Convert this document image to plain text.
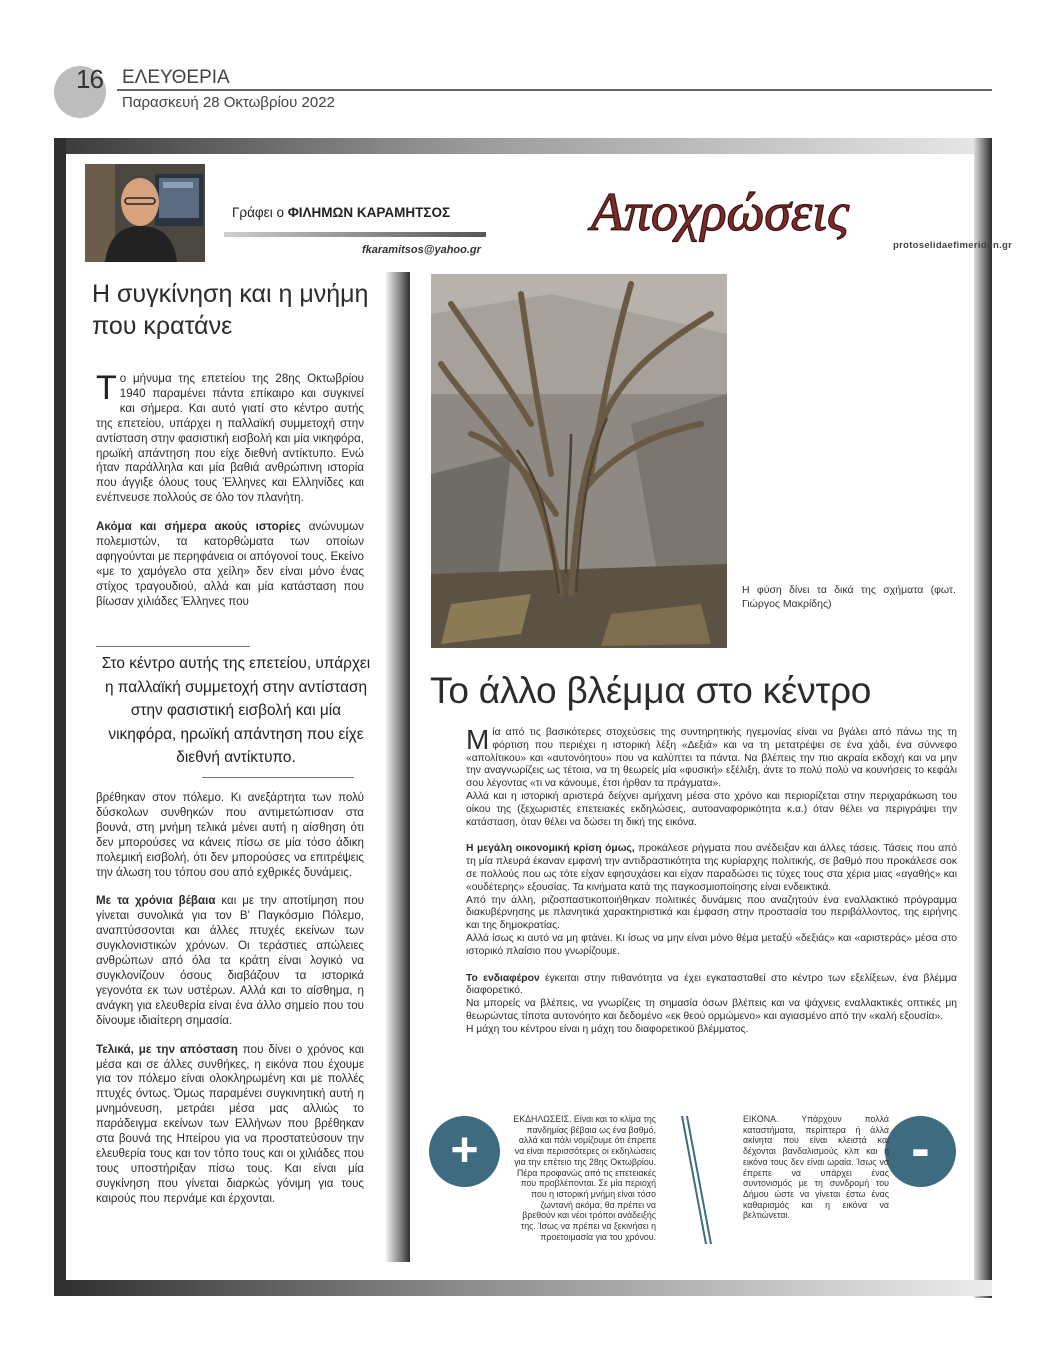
16 ΕΛΕΥΘΕΡΙΑ
Παρασκευή 28 Οκτωβρίου 2022
Γράφει ο ΦΙΛΗΜΩΝ ΚΑΡΑΜΗΤΣΟΣ
fkaramitsos@yahoo.gr
Αποχρώσεις
protoselidaefimeridon.gr
Η συγκίνηση και η μνήμη που κρατάνε

Το μήνυμα της επετείου της 28ης Οκτωβρίου 1940 παραμένει πάντα επίκαιρο και συγκινεί και σήμερα. Και αυτό γιατί στο κέντρο αυτής της επετείου, υπάρχει η παλλαϊκή συμμετοχή στην αντίσταση στην φασιστική εισβολή και μία νικηφόρα, ηρωϊκή απάντηση που είχε διεθνή αντίκτυπο. Ενώ ήταν παράλληλα και μία βαθιά ανθρώπινη ιστορία που άγγιξε όλους τους Έλληνες και Ελληνίδες και ενέπνευσε πολλούς σε όλο τον πλανήτη.

Ακόμα και σήμερα ακούς ιστορίες ανώνυμων πολεμιστών, τα κατορθώματα των οποίων αφηγούνται με περηφάνεια οι απόγονοί τους. Εκείνο «με το χαμόγελο στα χείλη» δεν είναι μόνο ένας στίχος τραγουδιού, αλλά και μία κατάσταση που βίωσαν χιλιάδες Έλληνες που

Στο κέντρο αυτής της επετείου, υπάρχει η παλλαϊκή συμμετοχή στην αντίσταση στην φασιστική εισβολή και μία νικηφόρα, ηρωϊκή απάντηση που είχε διεθνή αντίκτυπο.

βρέθηκαν στον πόλεμο. Κι ανεξάρτητα των πολύ δύσκολων συνθηκών που αντιμετώπισαν στα βουνά, στη μνήμη τελικά μένει αυτή η αίσθηση ότι δεν μπορούσες να κάνεις πίσω σε μία τόσο άδικη πολεμική εισβολή, ότι δεν μπορούσες να επιτρέψεις την άλωση του τόπου σου από εχθρικές δυνάμεις.

Με τα χρόνια βέβαια και με την αποτίμηση που γίνεται συνολικά για τον Β' Παγκόσμιο Πόλεμο, αναπτύσσονται και άλλες πτυχές εκείνων των συγκλονιστικών χρόνων. Οι τεράστιες απώλειες ανθρώπων από όλα τα κράτη είναι λογικό να συγκλονίζουν όσους διαβάζουν τα ιστορικά γεγονότα εκ των υστέρων. Αλλά και το αίσθημα, η ανάγκη για ελευθερία είναι ένα άλλο σημείο που του δίνουμε ιδιαίτερη σημασία.

Τελικά, με την απόσταση που δίνει ο χρόνος και μέσα και σε άλλες συνθήκες, η εικόνα που έχουμε για τον πόλεμο είναι ολοκληρωμένη και με πολλές πτυχές όντως. Όμως παραμένει συγκινητική αυτή η μνημόνευση, μετράει μέσα μας αλλιώς το παράδειγμα εκείνων των Ελλήνων που βρέθηκαν στα βουνά της Ηπείρου για να προστατεύσουν την ελευθερία τους και τον τόπο τους και οι χιλιάδες που τους υποστήριξαν πίσω τους. Και είναι μία συγκίνηση που γίνεται διαρκώς γόνιμη για τους καιρούς που περνάμε και έρχονται.

Η φύση δίνει τα δικά της σχήματα (φωτ. Γιώργος Μακρίδης)
Το άλλο βλέμμα στο κέντρο

Μία από τις βασικότερες στοχεύσεις της συντηρητικής ηγεμονίας είναι να βγάλει από πάνω της τη φόρτιση που περιέχει η ιστορική λέξη «Δεξιά» και να τη μετατρέψει σε ένα χάδι, ένα σύννεφο «απολίτικου» και «αυτονόητου» που να καλύπτει τα πάντα. Να βλέπεις την πιο ακραία εκδοχή και να μην την αναγνωρίζεις ως τέτοια, να τη θεωρείς μία «φυσική» εξέλιξη, άντε το πολύ πολύ να κουνήσεις το κεφάλι σου λέγοντας «τι να κάνουμε, έτσι ήρθαν τα πράγματα».

Αλλά και η ιστορική αριστερά δείχνει αμήχανη μέσα στο χρόνο και περιορίζεται στην περιχαράκωση του οίκου της (ξεχωριστές επετειακές εκδηλώσεις, αυτοαναφορικότητα κ.α.) όταν θέλει να περιγράψει την κατάσταση, όταν θέλει να δώσει τη δική της εικόνα.

Η μεγάλη οικονομική κρίση όμως, προκάλεσε ρήγματα που ανέδειξαν και άλλες τάσεις. Τάσεις που από τη μία πλευρά έκαναν εμφανή την αντιδραστικότητα της κυρίαρχης πολιτικής, σε βαθμό που προκάλεσε σοκ σε πολλούς που ως τότε είχαν εφησυχάσει και είχαν παραδώσει τις τύχες τους στα χέρια μιας «αγαθής» και «ουδέτερης» εξουσίας. Τα κινήματα κατά της παγκοσμιοποίησης είναι ενδεικτικά.

Από την άλλη, ριζοσπαστικοποιήθηκαν πολιτικές δυνάμεις που αναζητούν ένα εναλλακτικό πρόγραμμα διακυβέρνησης με πλανητικά χαρακτηριστικά και έμφαση στην προστασία του περιβάλλοντος, της ειρήνης και της δημοκρατίας.

Αλλά ίσως κι αυτό να μη φτάνει. Κι ίσως να μην είναι μόνο θέμα μεταξύ «δεξιάς» και «αριστεράς» μέσα στο ιστορικό πλαίσιο που γνωρίζουμε.

Το ενδιαφέρον έγκειται στην πιθανότητα να έχει εγκατασταθεί στο κέντρο των εξελίξεων, ένα βλέμμα διαφορετικό.

Να μπορείς να βλέπεις, να γνωρίζεις τη σημασία όσων βλέπεις και να ψάχνεις εναλλακτικές οπτικές μη θεωρώντας τίποτα αυτονόητο και δεδομένο «εκ θεού ορμώμενο» και αγιασμένο από την «καλή εξουσία».

Η μάχη του κέντρου είναι η μάχη του διαφορετικού βλέμματος.

+

ΕΚΔΗΛΩΣΕΙΣ. Είναι και το κλίμα της πανδημίας βέβαια ως ένα βαθμό, αλλά και πάλι νομίζουμε ότι έπρεπε να είναι περισσότερες οι εκδηλώσεις για την επέτειο της 28ης Οκτωβρίου. Πέρα προφανώς από τις επετειακές που προβλέπονται. Σε μία περιοχή που η ιστορική μνήμη είναι τόσο ζωντανή ακόμα, θα πρέπει να βρεθούν και νέοι τρόποι ανάδειξής της. Ίσως να πρέπει να ξεκινήσει η προετοιμασία για του χρόνου.

-

ΕΙΚΟΝΑ. Υπάρχουν πολλά καταστήματα, περίπτερα ή άλλα ακίνητα που είναι κλειστά και δέχονται βανδαλισμούς κλπ και η εικόνα τους δεν είναι ωραία. Ίσως να έπρεπε να υπάρχει ένας συντονισμός με τη συνδρομή του Δήμου ώστε να γίνεται έστω ένας καθαρισμός και η εικόνα να βελτιώνεται.
